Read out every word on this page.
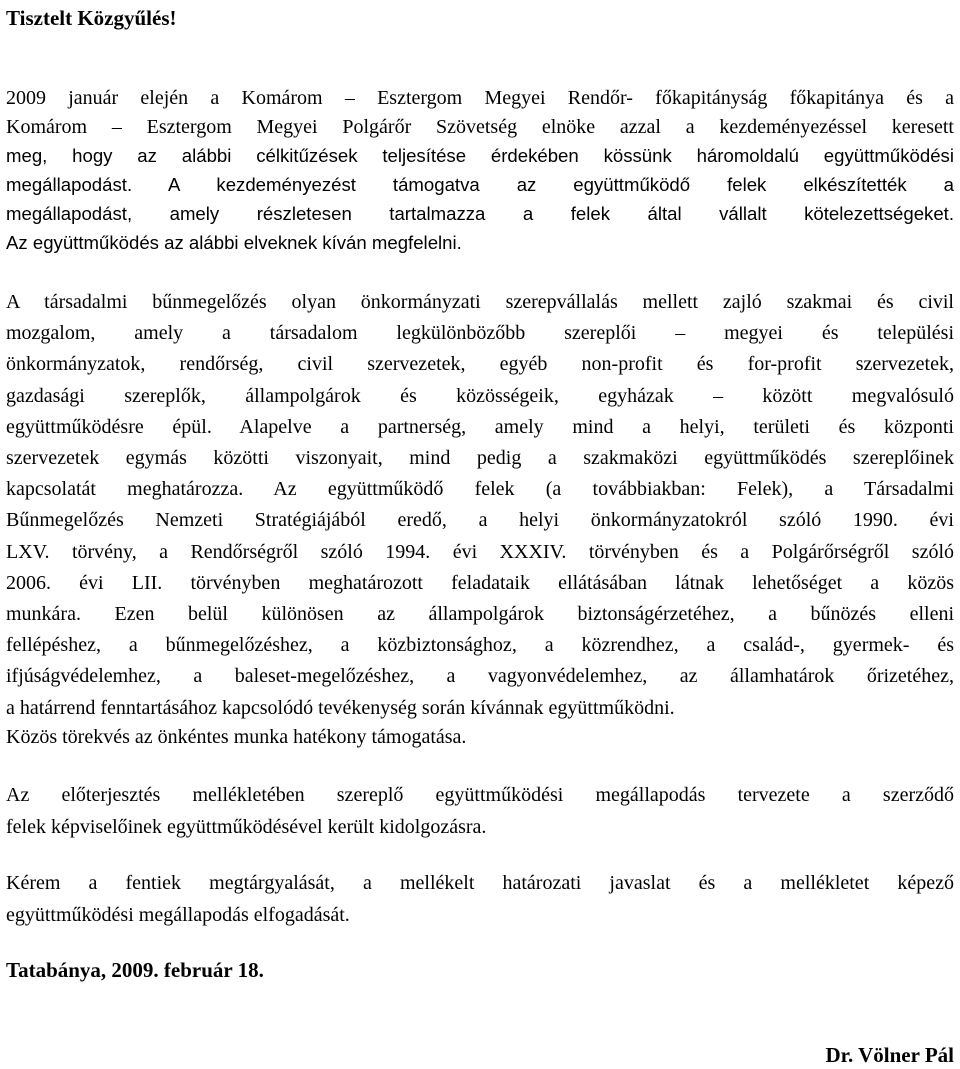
Tisztelt Közgyűlés!
2009 január elején a Komárom – Esztergom Megyei Rendőr- főkapitányság főkapitánya és a
Komárom – Esztergom Megyei Polgárőr Szövetség elnöke azzal a kezdeményezéssel keresett
meg, hogy az alábbi célkitűzések teljesítése érdekében kössünk háromoldalú együttműködési
megállapodást. A kezdeményezést támogatva az együttműködő felek elkészítették a
megállapodást, amely részletesen tartalmazza a felek által vállalt kötelezettségeket.
Az együttműködés az alábbi elveknek kíván megfelelni.
A társadalmi bűnmegelőzés olyan önkormányzati szerepvállalás mellett zajló szakmai és civil
mozgalom, amely a társadalom legkülönbözőbb szereplői – megyei és települési
önkormányzatok, rendőrség, civil szervezetek, egyéb non-profit és for-profit szervezetek,
gazdasági szereplők, állampolgárok és közösségeik, egyházak – között megvalósuló
együttműködésre épül. Alapelve a partnerség, amely mind a helyi, területi és központi
szervezetek egymás közötti viszonyait, mind pedig a szakmaközi együttműködés szereplőinek
kapcsolatát meghatározza. Az együttműködő felek (a továbbiakban: Felek), a Társadalmi
Bűnmegelőzés Nemzeti Stratégiájából eredő, a helyi önkormányzatokról szóló 1990. évi
LXV. törvény, a Rendőrségről szóló 1994. évi XXXIV. törvényben és a Polgárőrségről szóló
2006. évi LII. törvényben meghatározott feladataik ellátásában látnak lehetőséget a közös
munkára. Ezen belül különösen az állampolgárok biztonságérzetéhez, a bűnözés elleni
fellépéshez, a bűnmegelőzéshez, a közbiztonsághoz, a közrendhez, a család-, gyermek- és
ifjúságvédelemhez, a baleset-megelőzéshez, a vagyonvédelemhez, az államhatárok őrizetéhez,
a határrend fenntartásához kapcsolódó tevékenység során kívánnak együttműködni.
Közös törekvés az önkéntes munka hatékony támogatása.
Az előterjesztés mellékletében szereplő együttműködési megállapodás tervezete a szerződő
felek képviselőinek együttműködésével került kidolgozásra.
Kérem a fentiek megtárgyalását, a mellékelt határozati javaslat és a mellékletet képező
együttműködési megállapodás elfogadását.
Tatabánya, 2009. február 18.
Dr. Völner Pál
